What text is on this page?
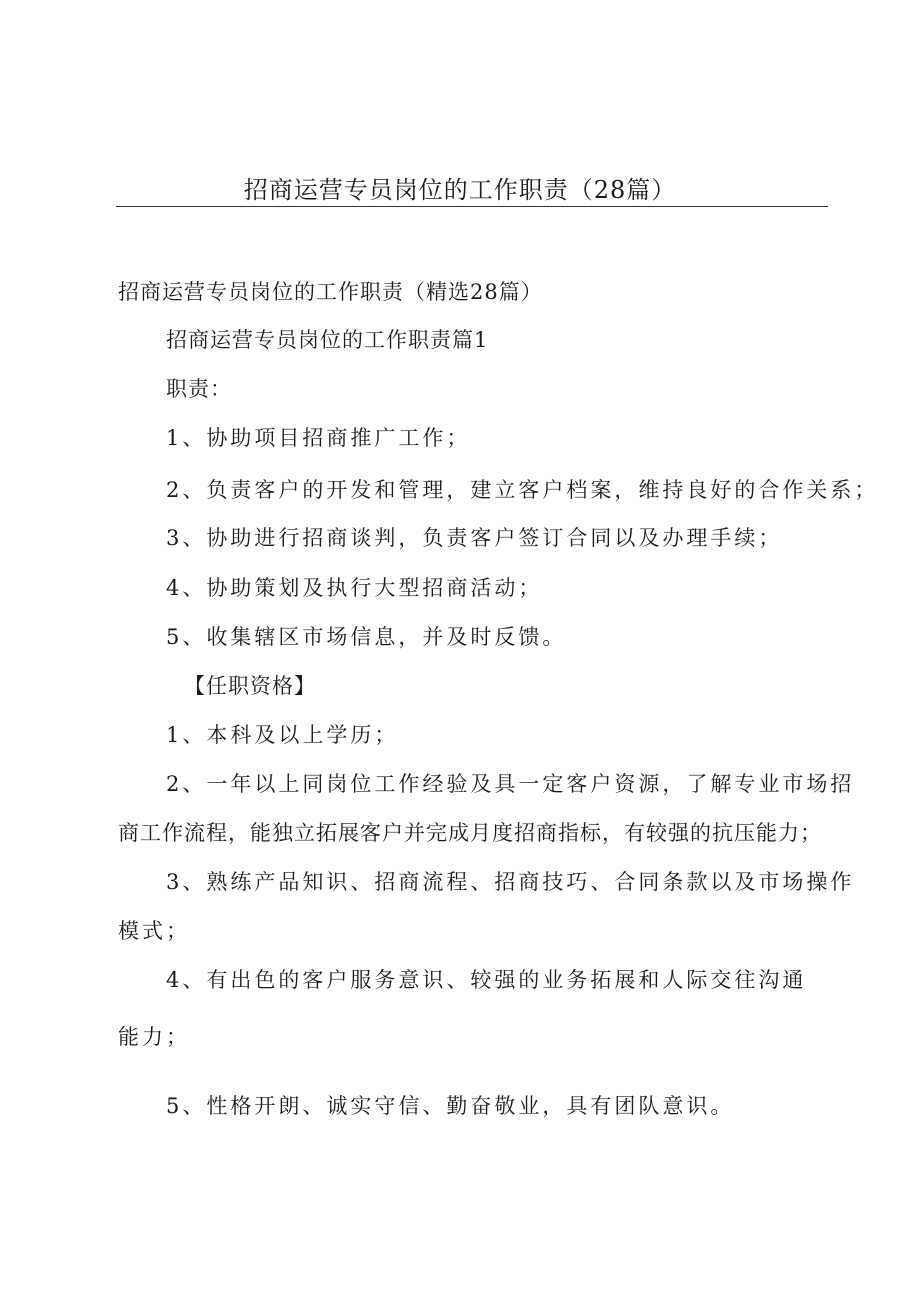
招商运营专员岗位的工作职责（28篇）
招商运营专员岗位的工作职责（精选28篇）
招商运营专员岗位的工作职责篇1
职责：
1、协助项目招商推广工作；
2、负责客户的开发和管理，建立客户档案，维持良好的合作关系；
3、协助进行招商谈判，负责客户签订合同以及办理手续；
4、协助策划及执行大型招商活动；
5、收集辖区市场信息，并及时反馈。
【任职资格】
1、本科及以上学历；
2、一年以上同岗位工作经验及具一定客户资源，了解专业市场招
商工作流程，能独立拓展客户并完成月度招商指标，有较强的抗压能力；
3、熟练产品知识、招商流程、招商技巧、合同条款以及市场操作
模式；
4、有出色的客户服务意识、较强的业务拓展和人际交往沟通
能力；
5、性格开朗、诚实守信、勤奋敬业，具有团队意识。
